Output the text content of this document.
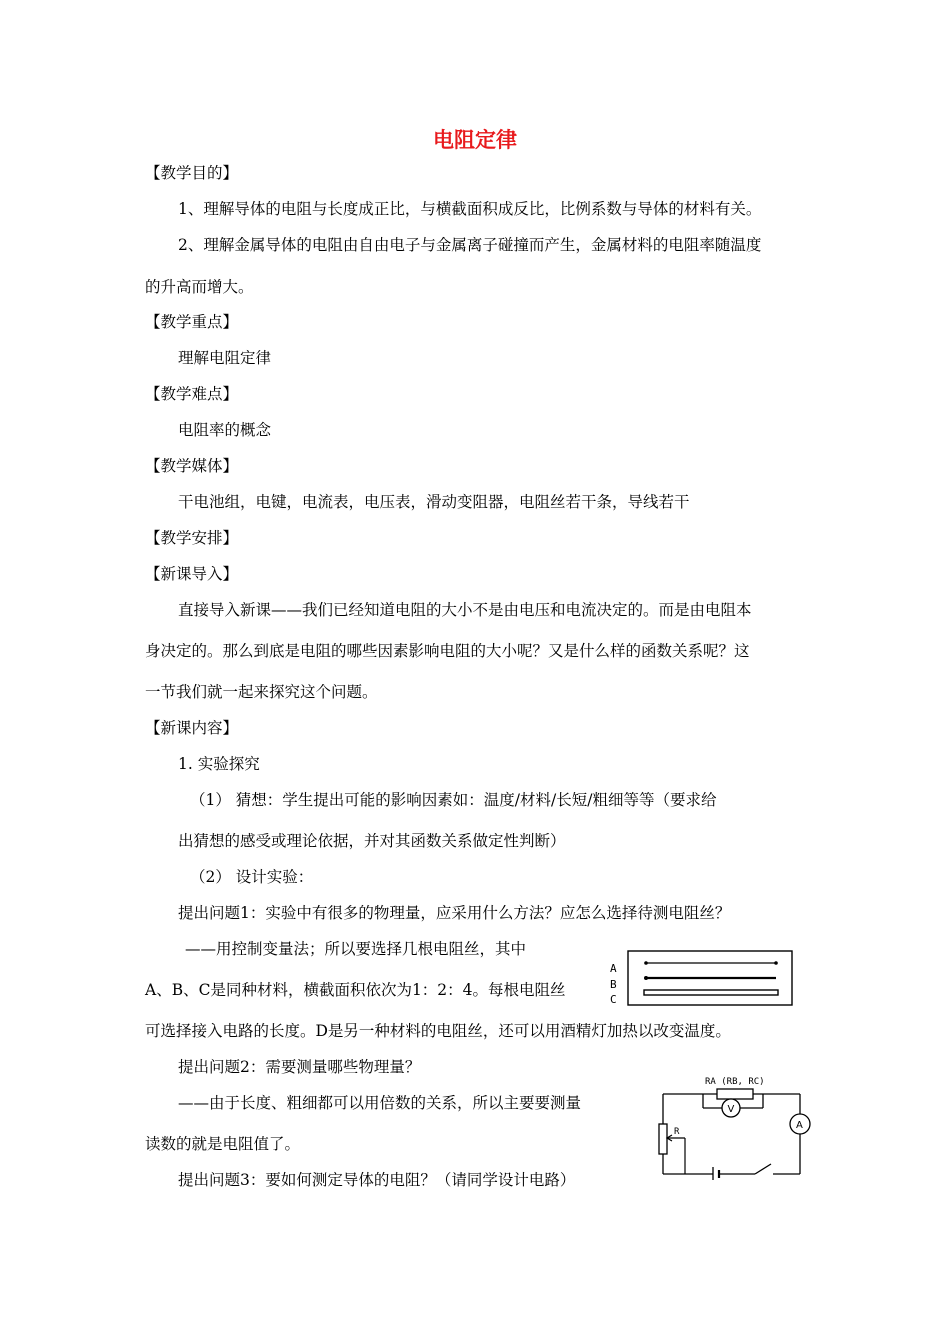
电阻定律
【教学目的】
1、理解导体的电阻与长度成正比，与横截面积成反比，比例系数与导体的材料有关。
2、理解金属导体的电阻由自由电子与金属离子碰撞而产生，金属材料的电阻率随温度
的升高而增大。
【教学重点】
理解电阻定律
【教学难点】
电阻率的概念
【教学媒体】
干电池组，电键，电流表，电压表，滑动变阻器，电阻丝若干条，导线若干
【教学安排】
【新课导入】
直接导入新课——我们已经知道电阻的大小不是由电压和电流决定的。而是由电阻本
身决定的。那么到底是电阻的哪些因素影响电阻的大小呢？又是什么样的函数关系呢？这
一节我们就一起来探究这个问题。
【新课内容】
1. 实验探究
（1） 猜想：学生提出可能的影响因素如：温度/材料/长短/粗细等等（要求给
出猜想的感受或理论依据，并对其函数关系做定性判断）
（2） 设计实验：
提出问题1：实验中有很多的物理量，应采用什么方法？应怎么选择待测电阻丝？
——用控制变量法；所以要选择几根电阻丝，其中
A、B、C是同种材料，横截面积依次为1：2：4。每根电阻丝
可选择接入电路的长度。D是另一种材料的电阻丝，还可以用酒精灯加热以改变温度。
提出问题2：需要测量哪些物理量？
——由于长度、粗细都可以用倍数的关系，所以主要要测量
读数的就是电阻值了。
提出问题3：要如何测定导体的电阻？（请同学设计电路）
A
B
C
RA (RB, RC)
V
A
R
